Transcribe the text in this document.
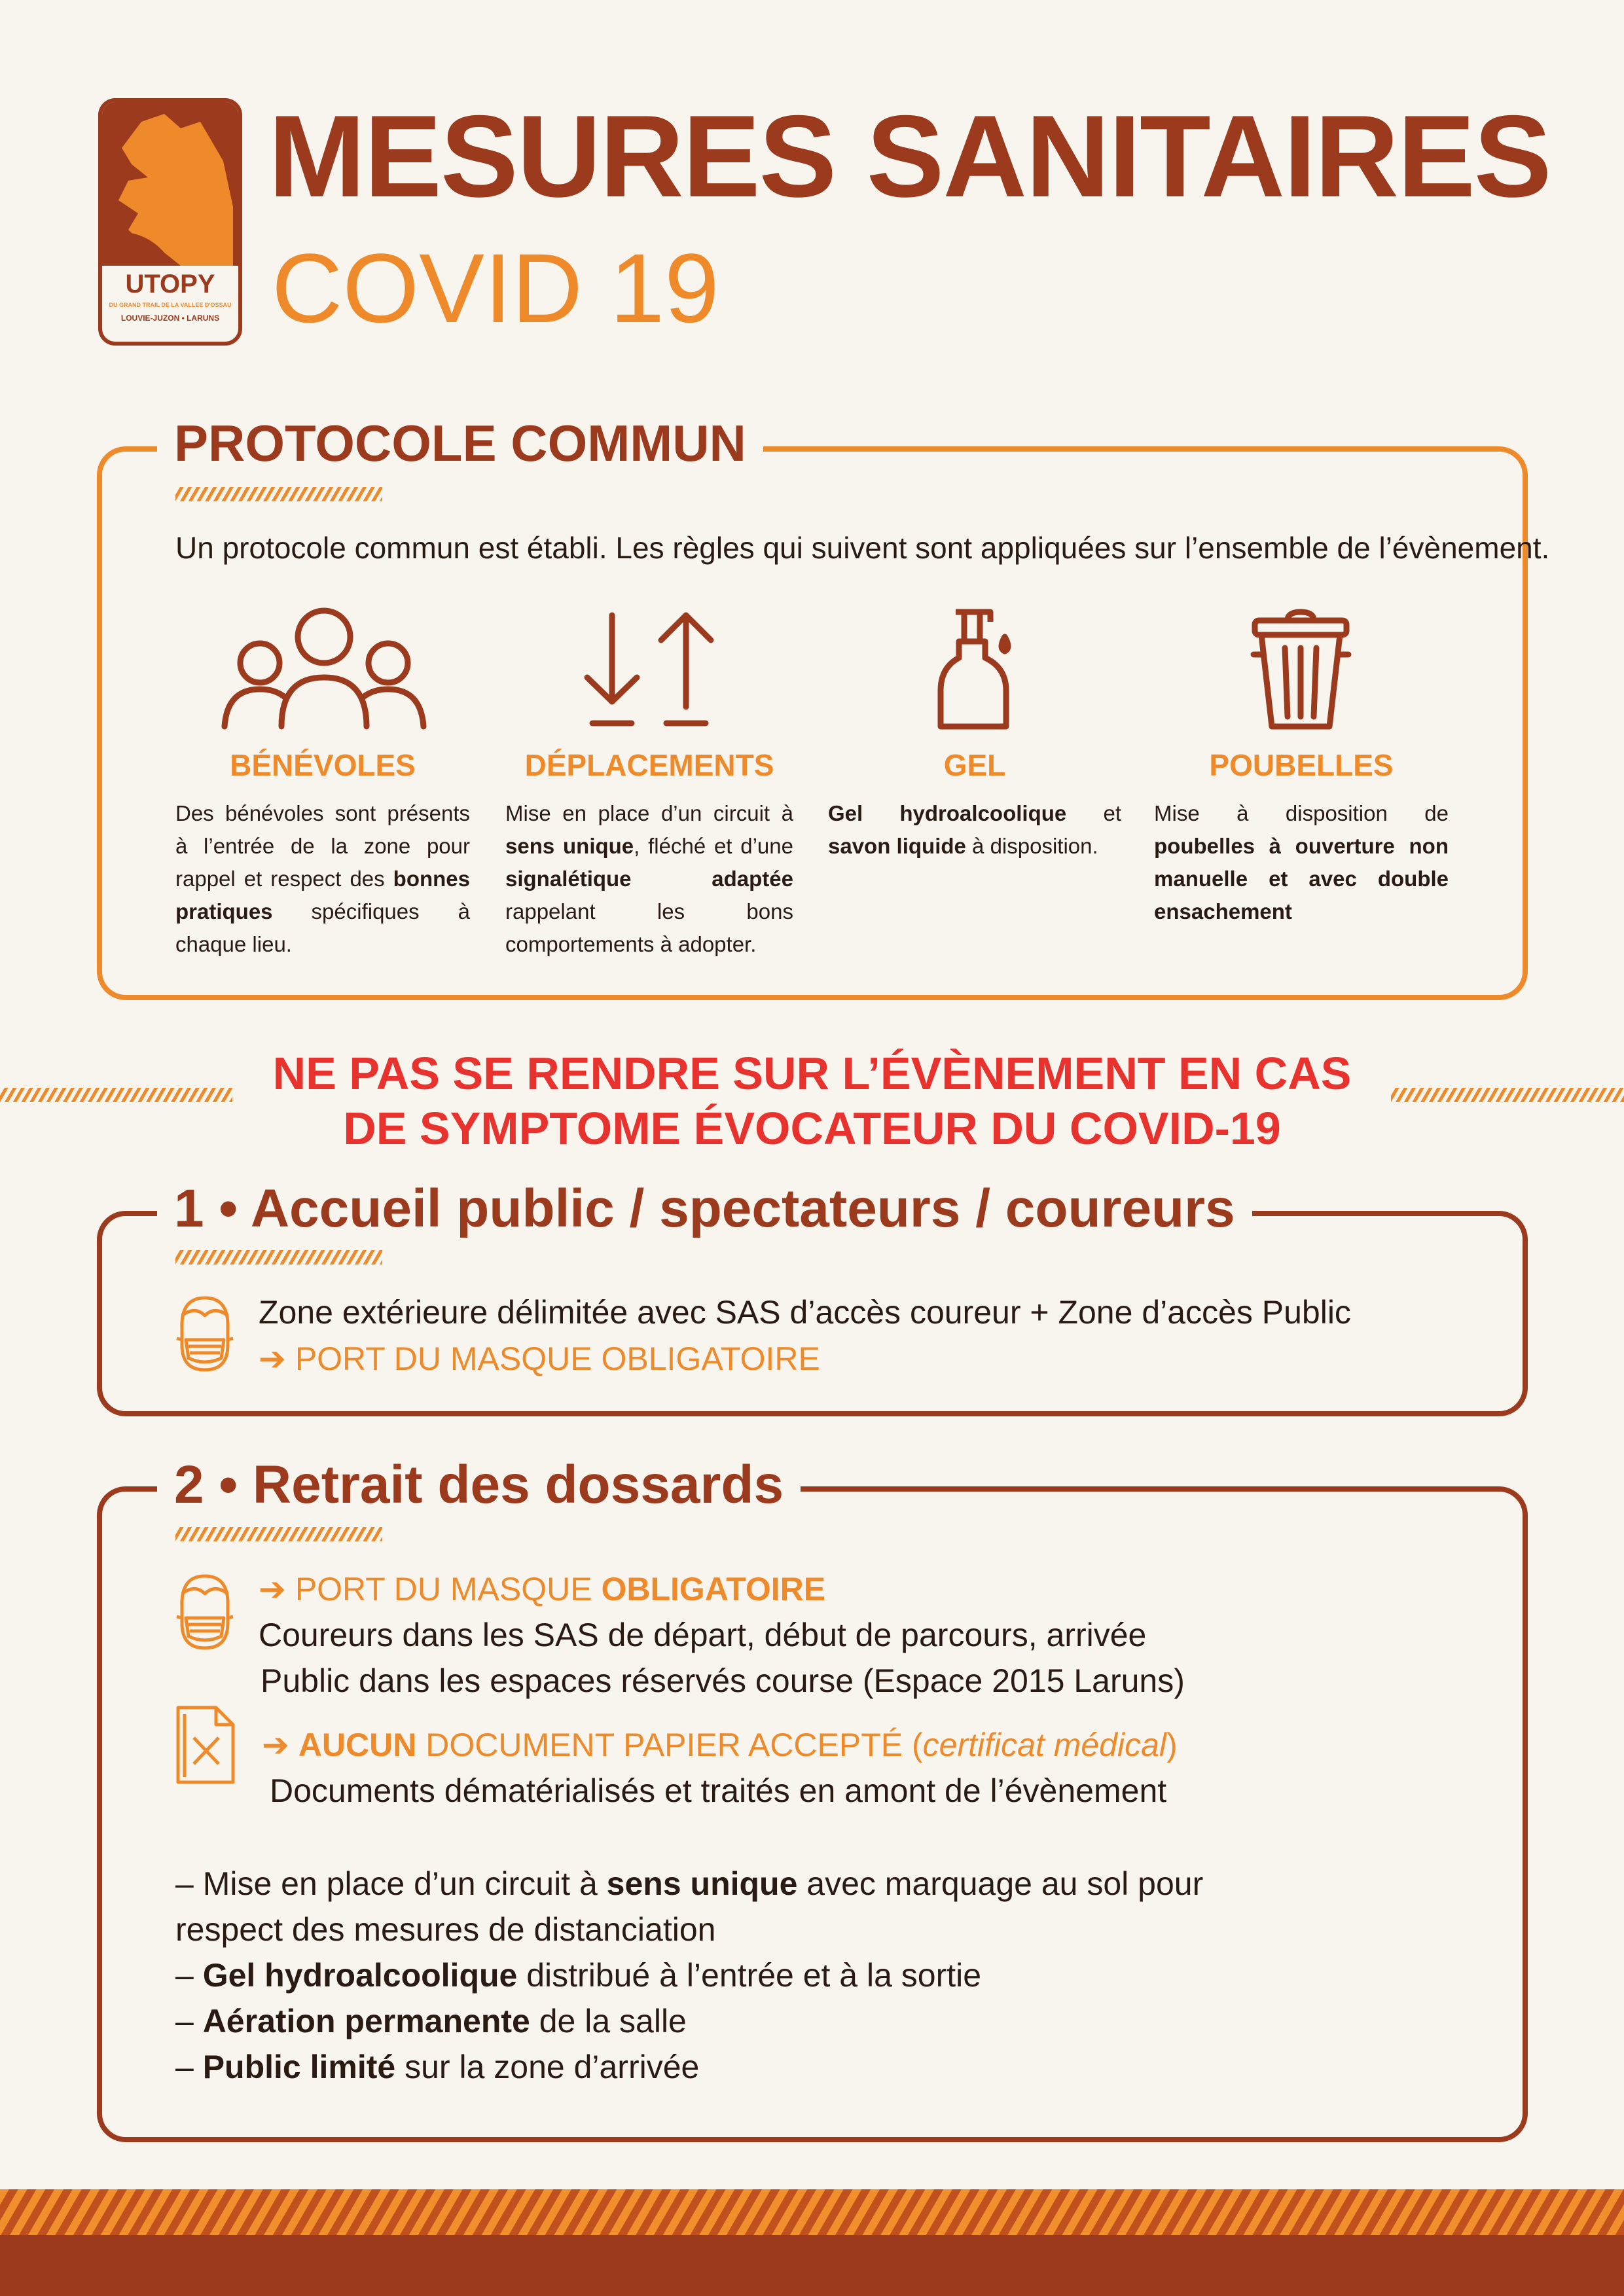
UTOPY
DU GRAND TRAIL DE LA VALLÉE D'OSSAU
LOUVIE-JUZON • LARUNS
MESURES SANITAIRES
COVID 19
PROTOCOLE COMMUN
Un protocole commun est établi. Les règles qui suivent sont appliquées sur l’ensemble de l’évènement.
BÉNÉVOLES

Des bénévoles sont présents à l’entrée de la zone pour rappel et respect des bonnes pratiques spécifiques à chaque lieu.

DÉPLACEMENTS

Mise en place d’un circuit à sens unique, fléché et d’une signalétique adaptée rappelant les bons comportements à adopter.

GEL

Gel hydroalcoolique et savon liquide à disposition.

POUBELLES

Mise à disposition de poubelles à ouverture non manuelle et avec double ensachement

NE PAS SE RENDRE SUR L’ÉVÈNEMENT EN CAS
DE SYMPTOME ÉVOCATEUR DU COVID-19
1 • Accueil public / spectateurs / coureurs
Zone extérieure délimitée avec SAS d’accès coureur + Zone d’accès Public
➔ PORT DU MASQUE OBLIGATOIRE
2 • Retrait des dossards
➔ PORT DU MASQUE OBLIGATOIRE
Coureurs dans les SAS de départ, début de parcours, arrivée
Public dans les espaces réservés course (Espace 2015 Laruns)
➔ AUCUN DOCUMENT PAPIER ACCEPTÉ (certificat médical)
Documents dématérialisés et traités en amont de l’évènement
– Mise en place d’un circuit à sens unique avec marquage au sol pour
respect des mesures de distanciation
– Gel hydroalcoolique distribué à l’entrée et à la sortie
– Aération permanente de la salle
– Public limité sur la zone d’arrivée
